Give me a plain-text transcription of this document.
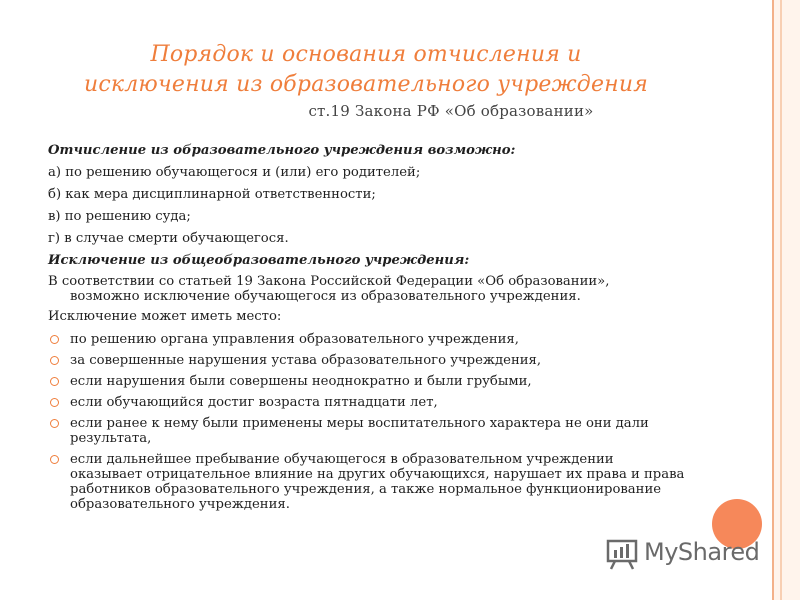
Порядок и основания отчисления и
исключения из образовательного учреждения
ст.19 Закона РФ «Об образовании»

Отчисление из образовательного учреждения возможно:

а) по решению обучающегося и (или) его родителей;

б) как мера дисциплинарной ответственности;

в) по решению суда;

г) в случае смерти обучающегося.

Исключение из общеобразовательного учреждения:

В соответствии со статьей 19 Закона Российской Федерации «Об образовании»,

возможно исключение обучающегося из образовательного учреждения.

Исключение может иметь место:

по решению органа управления образовательного учреждения,
за совершенные нарушения устава образовательного учреждения,
если нарушения были совершены неоднократно и были грубыми,
если обучающийся достиг возраста пятнадцати лет,
если ранее к нему были применены меры воспитательного характера не они дали результата,
если дальнейшее пребывание обучающегося в образовательном учреждении оказывает отрицательное влияние на других обучающихся, нарушает их права и права работников образовательного учреждения, а также нормальное функционирование образовательного учреждения.
MyShared
